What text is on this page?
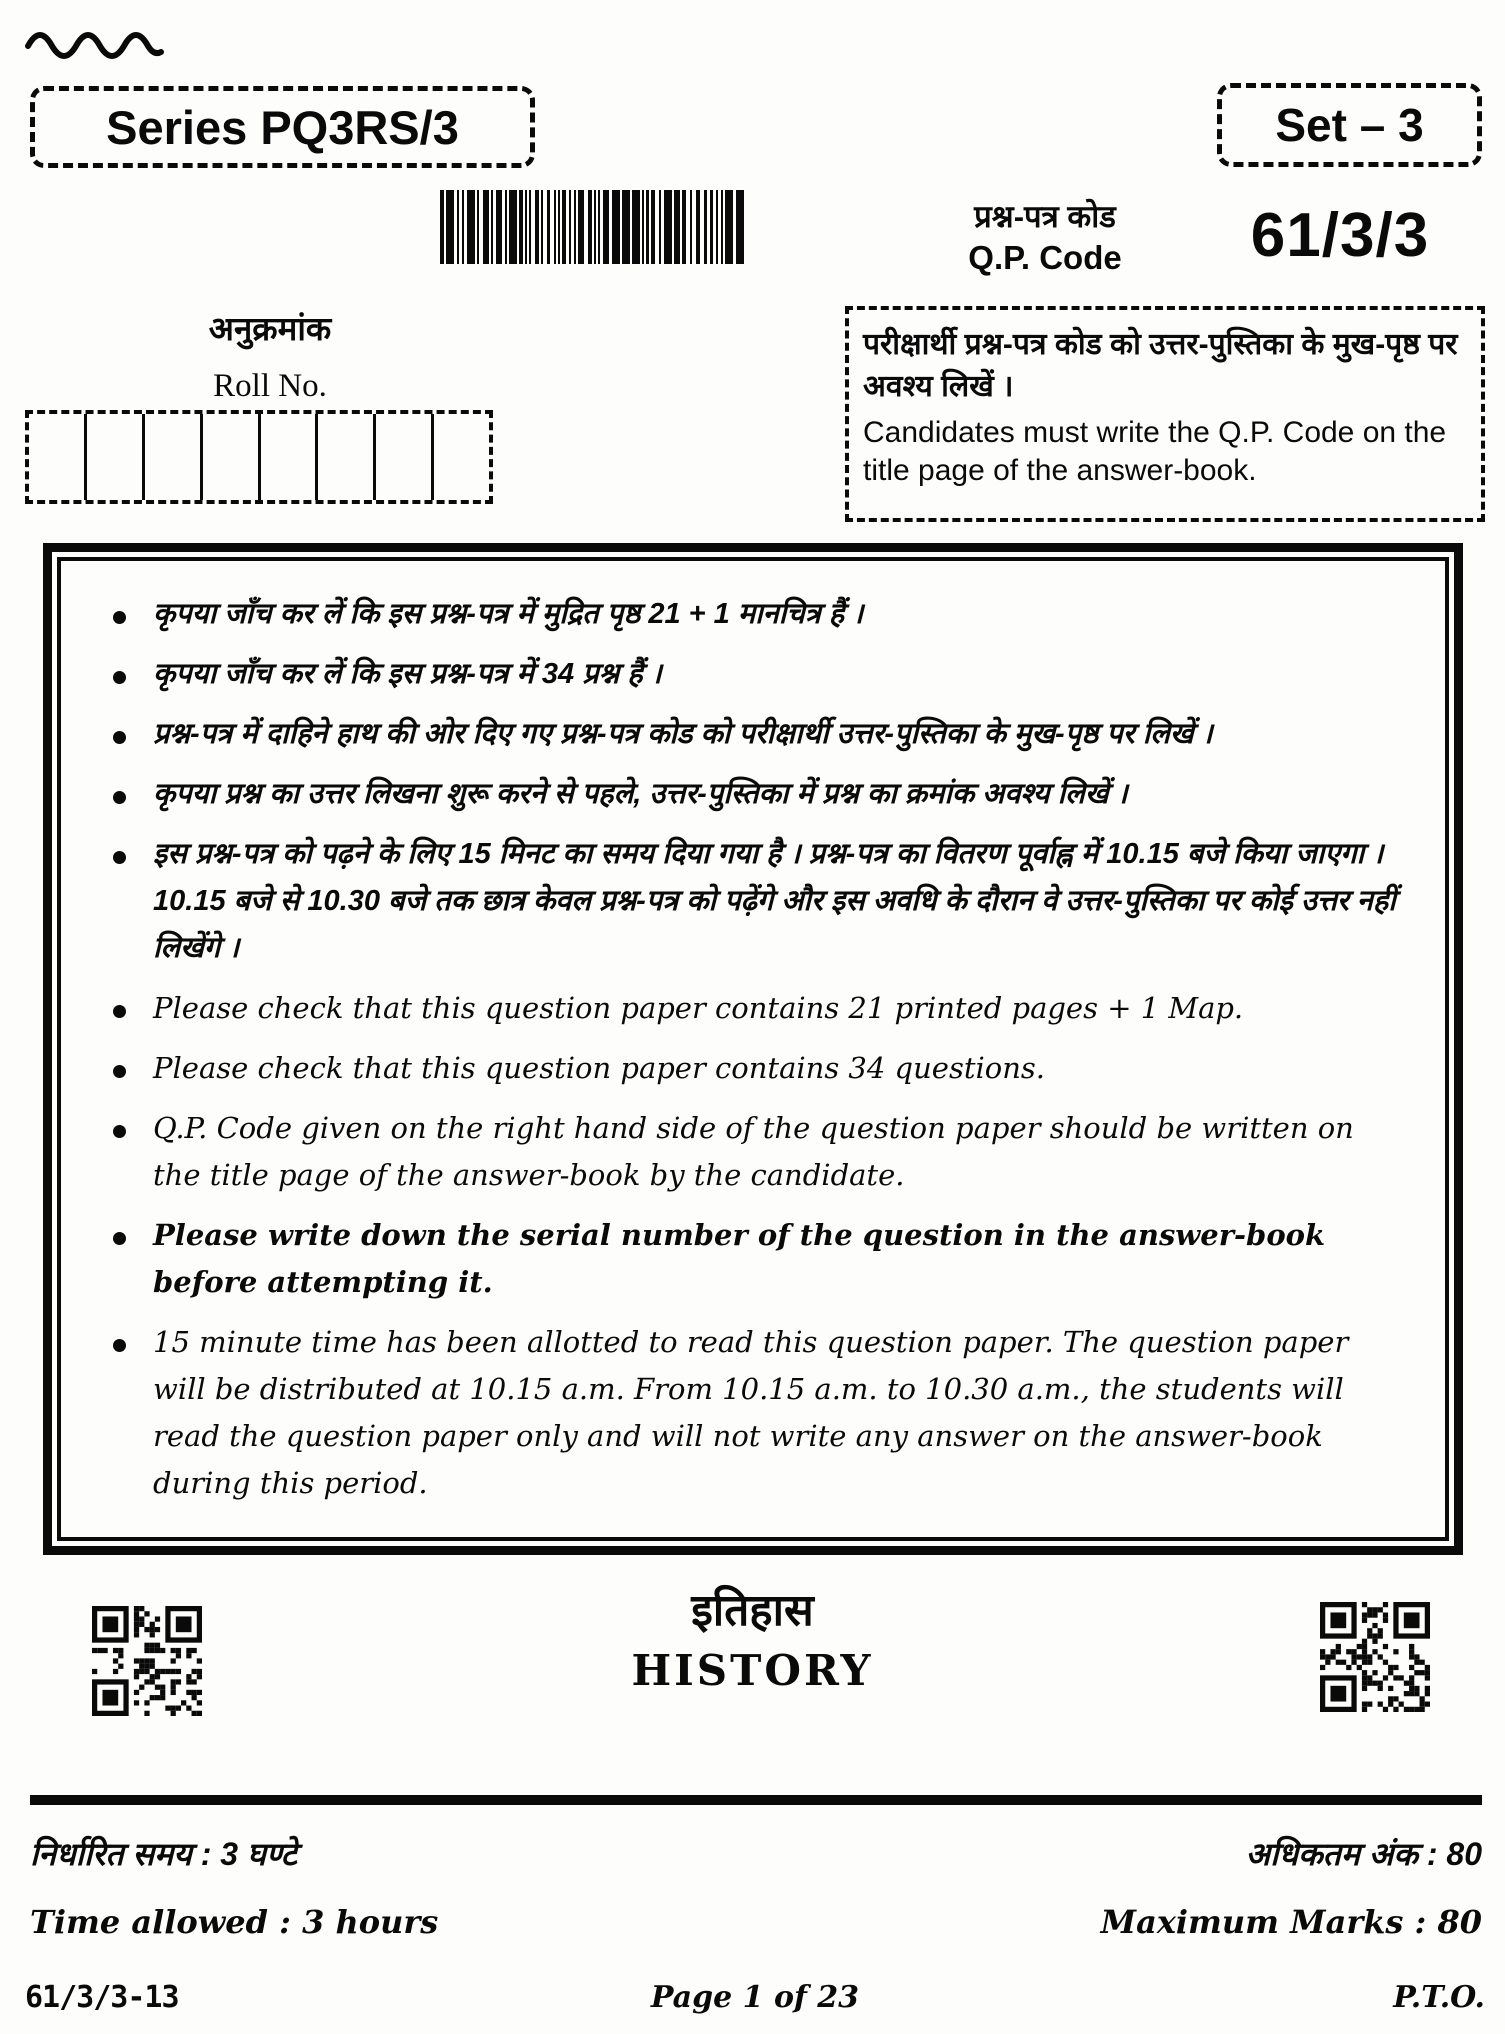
Series PQ3RS/3	Set – 3
प्रश्न-पत्र कोड
Q.P. Code	61/3/3
अनुक्रमांक
Roll No.
परीक्षार्थी प्रश्न-पत्र कोड को उत्तर-पुस्तिका के मुख-पृष्ठ पर अवश्य लिखें ।
Candidates must write the Q.P. Code on the title page of the answer-book.
कृपया जाँच कर लें कि इस प्रश्न-पत्र में मुद्रित पृष्ठ 21 + 1 मानचित्र हैं ।
कृपया जाँच कर लें कि इस प्रश्न-पत्र में 34 प्रश्न हैं ।
प्रश्न-पत्र में दाहिने हाथ की ओर दिए गए प्रश्न-पत्र कोड को परीक्षार्थी उत्तर-पुस्तिका के मुख-पृष्ठ पर लिखें ।
कृपया प्रश्न का उत्तर लिखना शुरू करने से पहले, उत्तर-पुस्तिका में प्रश्न का क्रमांक अवश्य लिखें ।
इस प्रश्न-पत्र को पढ़ने के लिए 15 मिनट का समय दिया गया है । प्रश्न-पत्र का वितरण पूर्वाह्न में 10.15 बजे किया जाएगा । 10.15 बजे से 10.30 बजे तक छात्र केवल प्रश्न-पत्र को पढ़ेंगे और इस अवधि के दौरान वे उत्तर-पुस्तिका पर कोई उत्तर नहीं लिखेंगे ।
Please check that this question paper contains 21 printed pages + 1 Map.
Please check that this question paper contains 34 questions.
Q.P. Code given on the right hand side of the question paper should be written on the title page of the answer-book by the candidate.
Please write down the serial number of the question in the answer-book before attempting it.
15 minute time has been allotted to read this question paper. The question paper will be distributed at 10.15 a.m. From 10.15 a.m. to 10.30 a.m., the students will read the question paper only and will not write any answer on the answer-book during this period.
इतिहास
HISTORY
निर्धारित समय : 3 घण्टे	अधिकतम अंक : 80
Time allowed : 3 hours	Maximum Marks : 80
61/3/3-13	Page 1 of 23	P.T.O.
